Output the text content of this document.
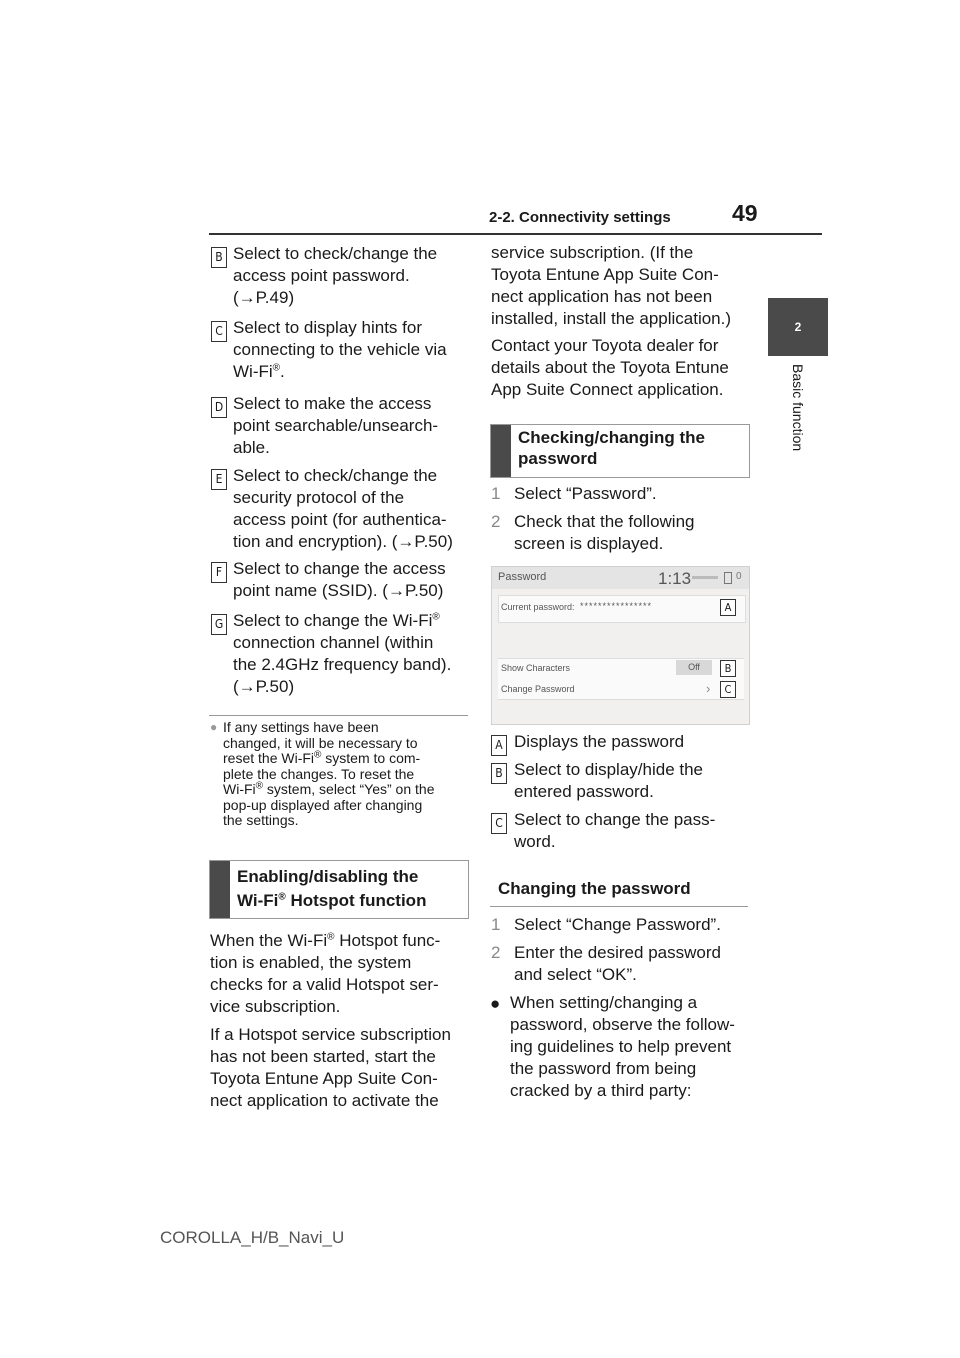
2-2. Connectivity settings	49
2
Basic function
B Select to check/change the
access point password.
(→P.49)
C Select to display hints for
connecting to the vehicle via
Wi-Fi®.
D Select to make the access
point searchable/unsearch-
able.
E Select to check/change the
security protocol of the
access point (for authentica-
tion and encryption). (→P.50)
F Select to change the access
point name (SSID). (→P.50)
G Select to change the Wi-Fi®
connection channel (within
the 2.4GHz frequency band).
(→P.50)
● If any settings have been
changed, it will be necessary to
reset the Wi-Fi® system to com-
plete the changes. To reset the
Wi-Fi® system, select “Yes” on the
pop-up displayed after changing
the settings.
Enabling/disabling the
Wi-Fi® Hotspot function
When the Wi-Fi® Hotspot func-
tion is enabled, the system
checks for a valid Hotspot ser-
vice subscription.
If a Hotspot service subscription
has not been started, start the
Toyota Entune App Suite Con-
nect application to activate the
service subscription. (If the
Toyota Entune App Suite Con-
nect application has not been
installed, install the application.)
Contact your Toyota dealer for
details about the Toyota Entune
App Suite Connect application.
Checking/changing the
password
1 Select “Password”.
2 Check that the following
screen is displayed.
Password	1:13	0
Current password: ****************
Show Characters	Off
Change Password	›
A
B
C
A Displays the password
B Select to display/hide the
entered password.
C Select to change the pass-
word.
Changing the password
1 Select “Change Password”.
2 Enter the desired password
and select “OK”.
● When setting/changing a
password, observe the follow-
ing guidelines to help prevent
the password from being
cracked by a third party:
COROLLA_H/B_Navi_U
